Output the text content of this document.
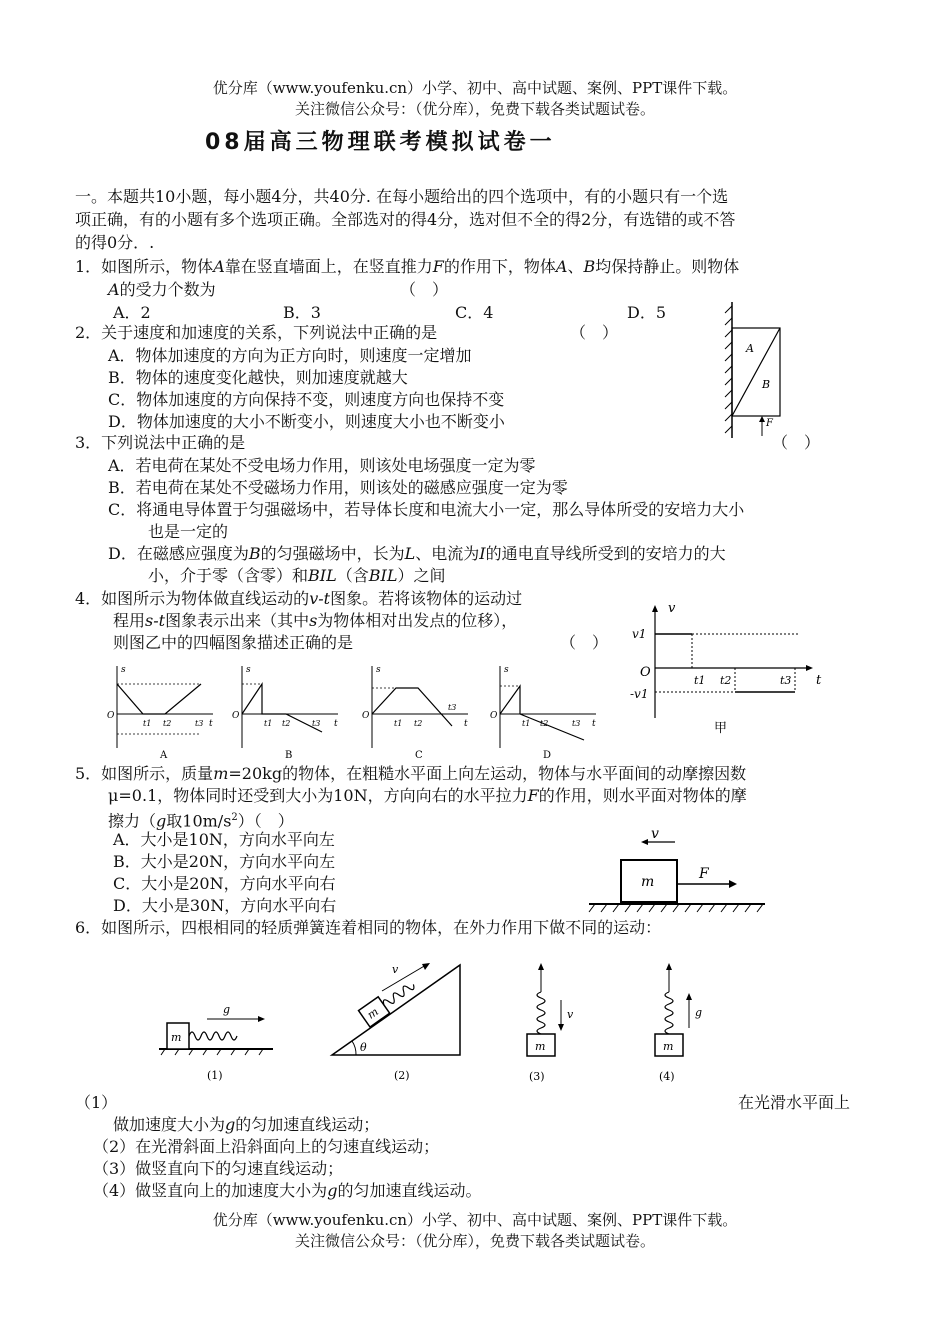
优分库（www.youfenku.cn）小学、初中、高中试题、案例、PPT课件下载。
关注微信公众号：（优分库），免费下载各类试题试卷。
08届高三物理联考模拟试卷一
一。本题共10小题，每小题4分，共40分. 在每小题给出的四个选项中，有的小题只有一个选
项正确，有的小题有多个选项正确。全部选对的得4分，选对但不全的得2分，有选错的或不答
的得0分．.
1．如图所示，物体A靠在竖直墙面上，在竖直推力F的作用下，物体A、B均保持静止。则物体
A的受力个数为	（　）
A．2	B．3	C．4	D．5
A
B
F
2．关于速度和加速度的关系，下列说法中正确的是	（　）
A．物体加速度的方向为正方向时，则速度一定增加
B．物体的速度变化越快，则加速度就越大
C．物体加速度的方向保持不变，则速度方向也保持不变
D．物体加速度的大小不断变小，则速度大小也不断变小
3．下列说法中正确的是	（　）
A．若电荷在某处不受电场力作用，则该处电场强度一定为零
B．若电荷在某处不受磁场力作用，则该处的磁感应强度一定为零
C．将通电导体置于匀强磁场中，若导体长度和电流大小一定，那么导体所受的安培力大小
也是一定的
D．在磁感应强度为B的匀强磁场中，长为L、电流为I的通电直导线所受到的安培力的大
小，介于零（含零）和BIL（含BIL）之间
4．如图所示为物体做直线运动的v-t图象。若将该物体的运动过
程用s-t图象表示出来（其中s为物体相对出发点的位移），
则图乙中的四幅图象描述正确的是	（　）
v
v1
O
-v1
t
t1 t2	t3
甲
s
O
t
t1 t2	t3
A
s
O
t
t1 t2	t3
B
s
O
t
t1 t2
t3
C
s
O
t
t1 t2	t3
D
5．如图所示，质量m=20kg的物体，在粗糙水平面上向左运动，物体与水平面间的动摩擦因数
μ=0.1，物体同时还受到大小为10N，方向向右的水平拉力F的作用，则水平面对物体的摩
擦力（g取$10m/s^2$）（　）
A．大小是10N，方向水平向左
B．大小是20N，方向水平向左
C．大小是20N，方向水平向右
D．大小是30N，方向水平向右
v
m	F
6．如图所示，四根相同的轻质弹簧连着相同的物体，在外力作用下做不同的运动：
m
g
(1)
θ
m
v
(2)
m
v
(3)
m
g
(4)
（1）	在光滑水平面上
做加速度大小为g的匀加速直线运动；
（2）在光滑斜面上沿斜面向上的匀速直线运动；
（3）做竖直向下的匀速直线运动；
（4）做竖直向上的加速度大小为g的匀加速直线运动。
优分库（www.youfenku.cn）小学、初中、高中试题、案例、PPT课件下载。
关注微信公众号：（优分库），免费下载各类试题试卷。
